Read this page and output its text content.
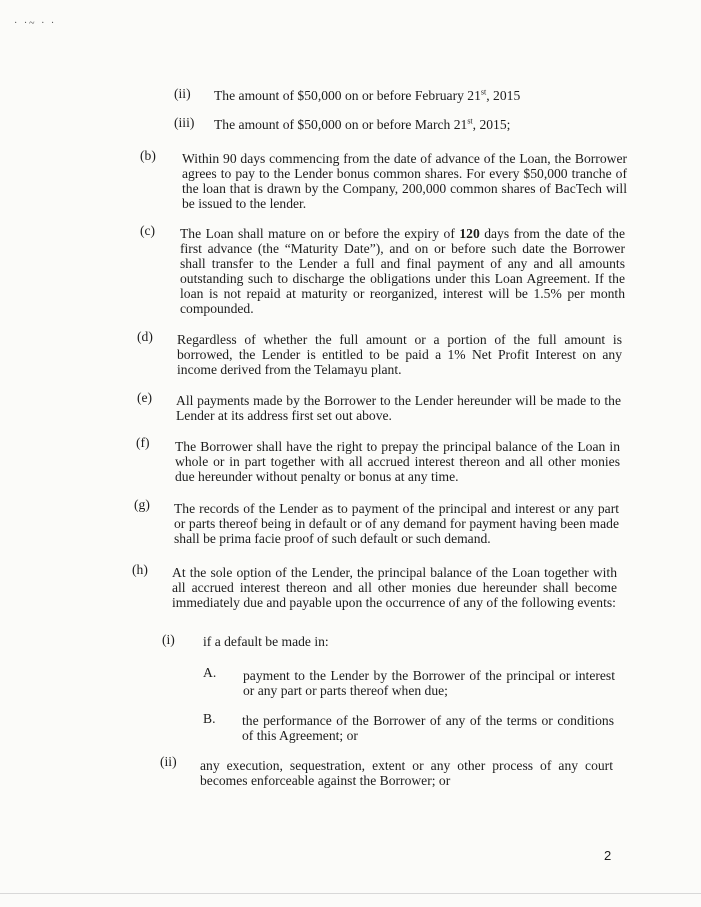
· ·~ · ·
(ii) The amount of $50,000 on or before February 21st, 2015
(iii) The amount of $50,000 on or before March 21st, 2015;
(b) Within 90 days commencing from the date of advance of the Loan, the Borrower agrees to pay to the Lender bonus common shares. For every $50,000 tranche of the loan that is drawn by the Company, 200,000 common shares of BacTech will be issued to the lender.
(c) The Loan shall mature on or before the expiry of 120 days from the date of the first advance (the “Maturity Date”), and on or before such date the Borrower shall transfer to the Lender a full and final payment of any and all amounts outstanding such to discharge the obligations under this Loan Agreement. If the loan is not repaid at maturity or reorganized, interest will be 1.5% per month compounded.
(d) Regardless of whether the full amount or a portion of the full amount is borrowed, the Lender is entitled to be paid a 1% Net Profit Interest on any income derived from the Telamayu plant.
(e) All payments made by the Borrower to the Lender hereunder will be made to the Lender at its address first set out above.
(f) The Borrower shall have the right to prepay the principal balance of the Loan in whole or in part together with all accrued interest thereon and all other monies due hereunder without penalty or bonus at any time.
(g) The records of the Lender as to payment of the principal and interest or any part or parts thereof being in default or of any demand for payment having been made shall be prima facie proof of such default or such demand.
(h) At the sole option of the Lender, the principal balance of the Loan together with all accrued interest thereon and all other monies due hereunder shall become immediately due and payable upon the occurrence of any of the following events:
(i) if a default be made in:
A. payment to the Lender by the Borrower of the principal or interest or any part or parts thereof when due;
B. the performance of the Borrower of any of the terms or conditions of this Agreement; or
(ii) any execution, sequestration, extent or any other process of any court becomes enforceable against the Borrower; or
2
